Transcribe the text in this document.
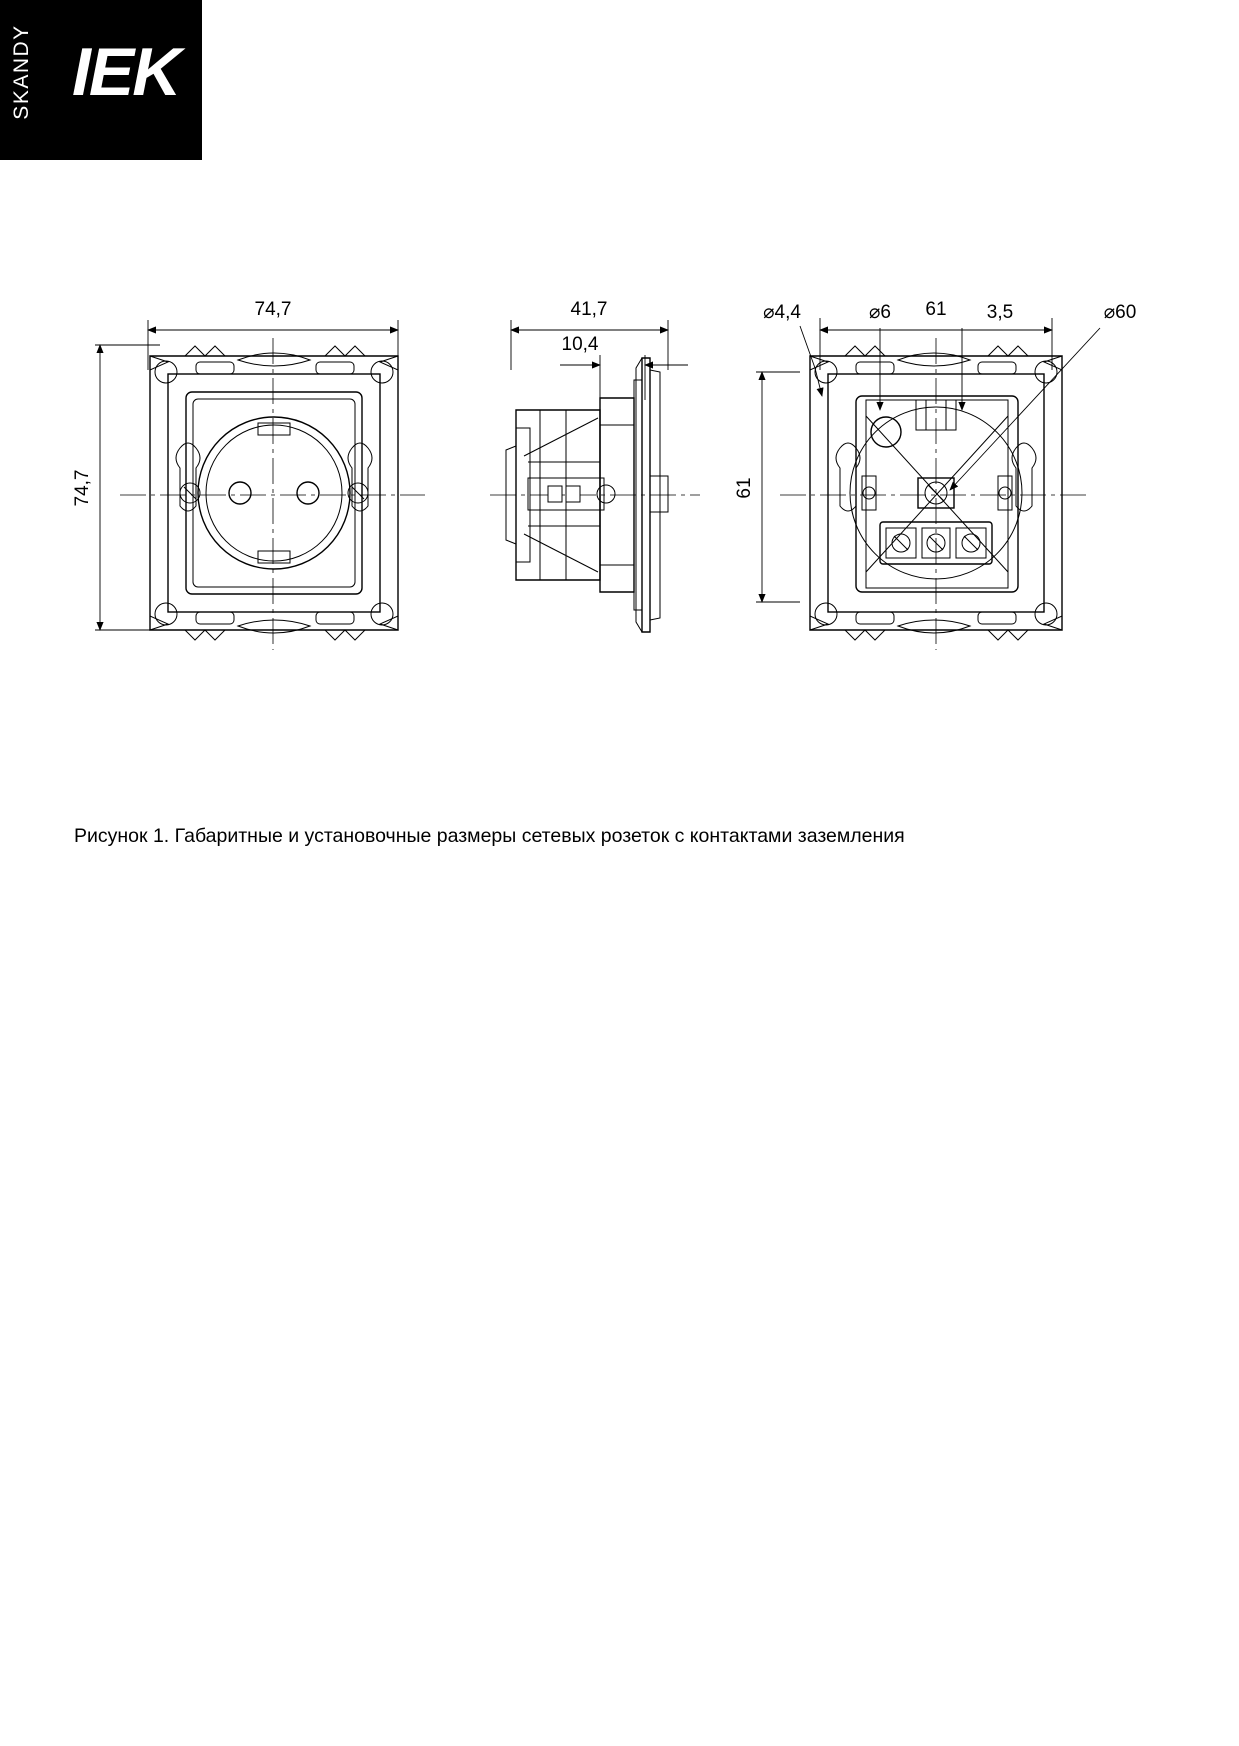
SKANDY IEK
74,7
74,7
41,7
10,4
61
61
⌀4,4	⌀6	3,5	⌀60
Рисунок 1. Габаритные и установочные размеры сетевых розеток с контактами заземления
